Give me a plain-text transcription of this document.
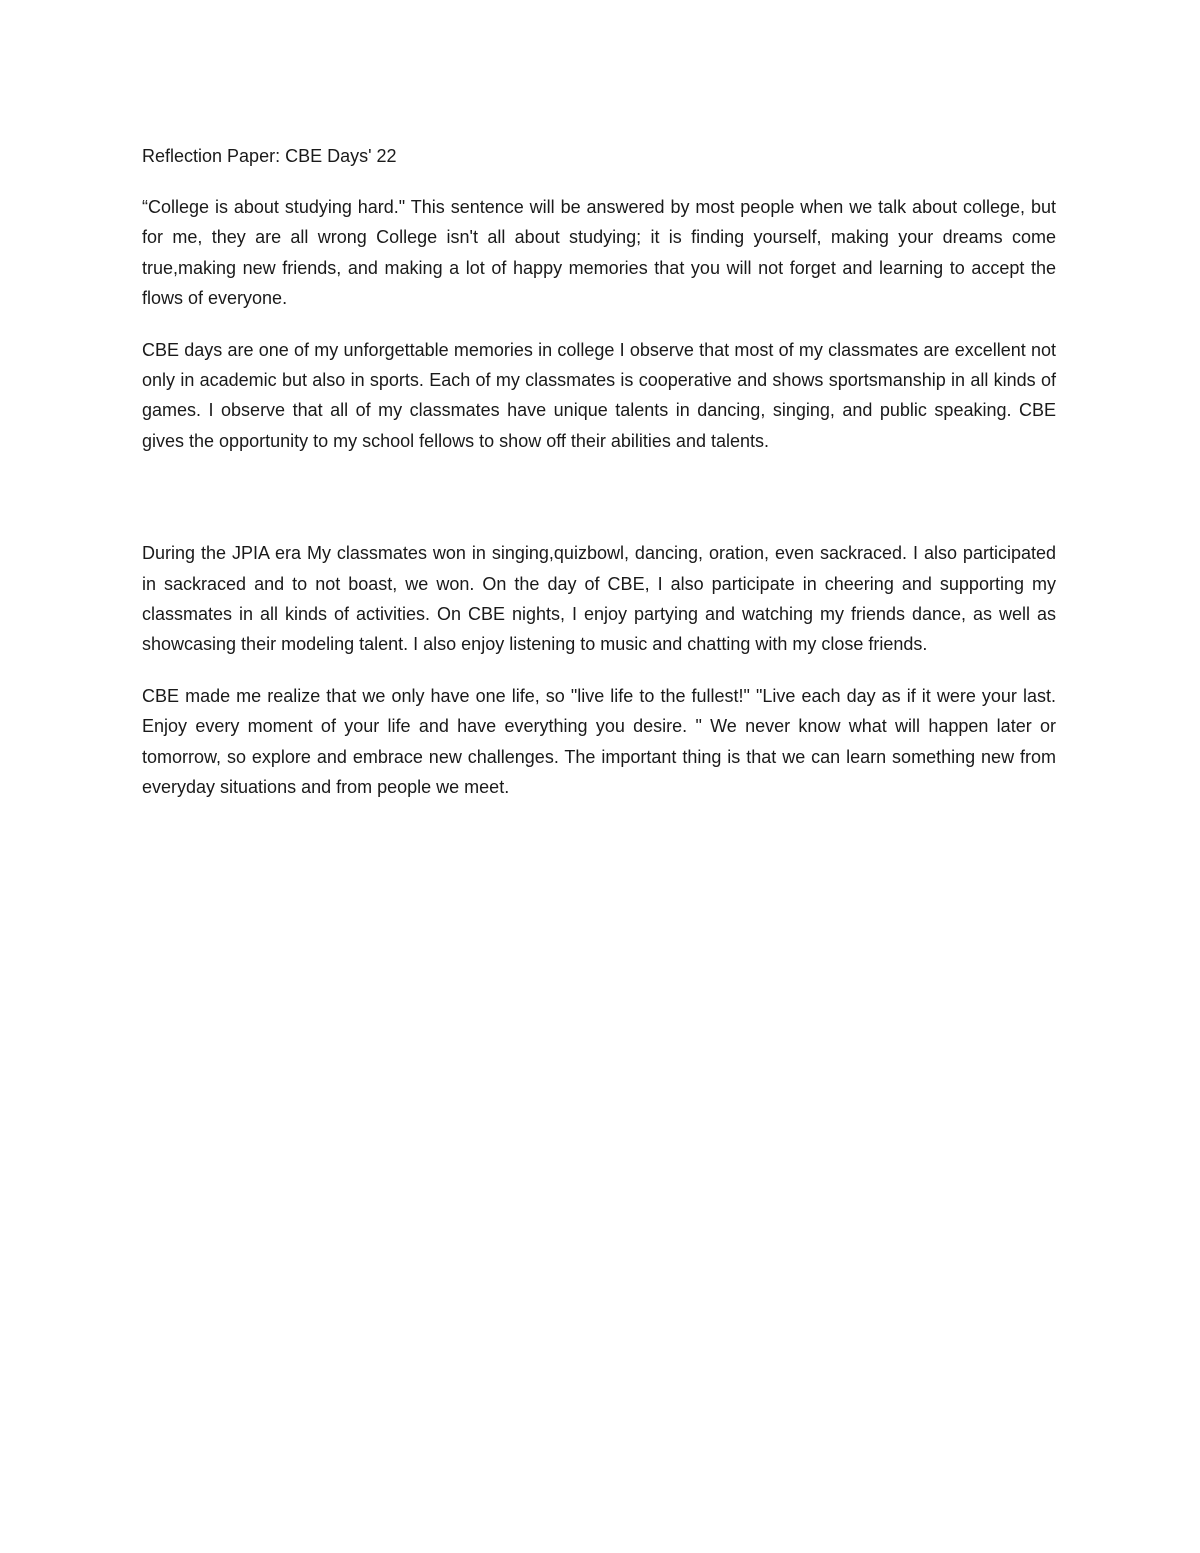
Reflection Paper: CBE Days' 22

“College is about studying hard." This sentence will be answered by most people when we talk about college, but for me, they are all wrong College isn't all about studying; it is finding yourself, making your dreams come true,making new friends, and making a lot of happy memories that you will not forget and learning to accept the flows of everyone.

CBE days are one of my unforgettable memories in college I observe that most of my classmates are excellent not only in academic but also in sports. Each of my classmates is cooperative and shows sportsmanship in all kinds of games. I observe that all of my classmates have unique talents in dancing, singing, and public speaking. CBE gives the opportunity to my school fellows to show off their abilities and talents.

During the JPIA era My classmates won in singing,quizbowl, dancing, oration, even sackraced. I also participated in sackraced and to not boast, we won. On the day of CBE, I also participate in cheering and supporting my classmates in all kinds of activities. On CBE nights, I enjoy partying and watching my friends dance, as well as showcasing their modeling talent. I also enjoy listening to music and chatting with my close friends.

CBE made me realize that we only have one life, so "live life to the fullest!" "Live each day as if it were your last. Enjoy every moment of your life and have everything you desire. " We never know what will happen later or tomorrow, so explore and embrace new challenges. The important thing is that we can learn something new from everyday situations and from people we meet.
